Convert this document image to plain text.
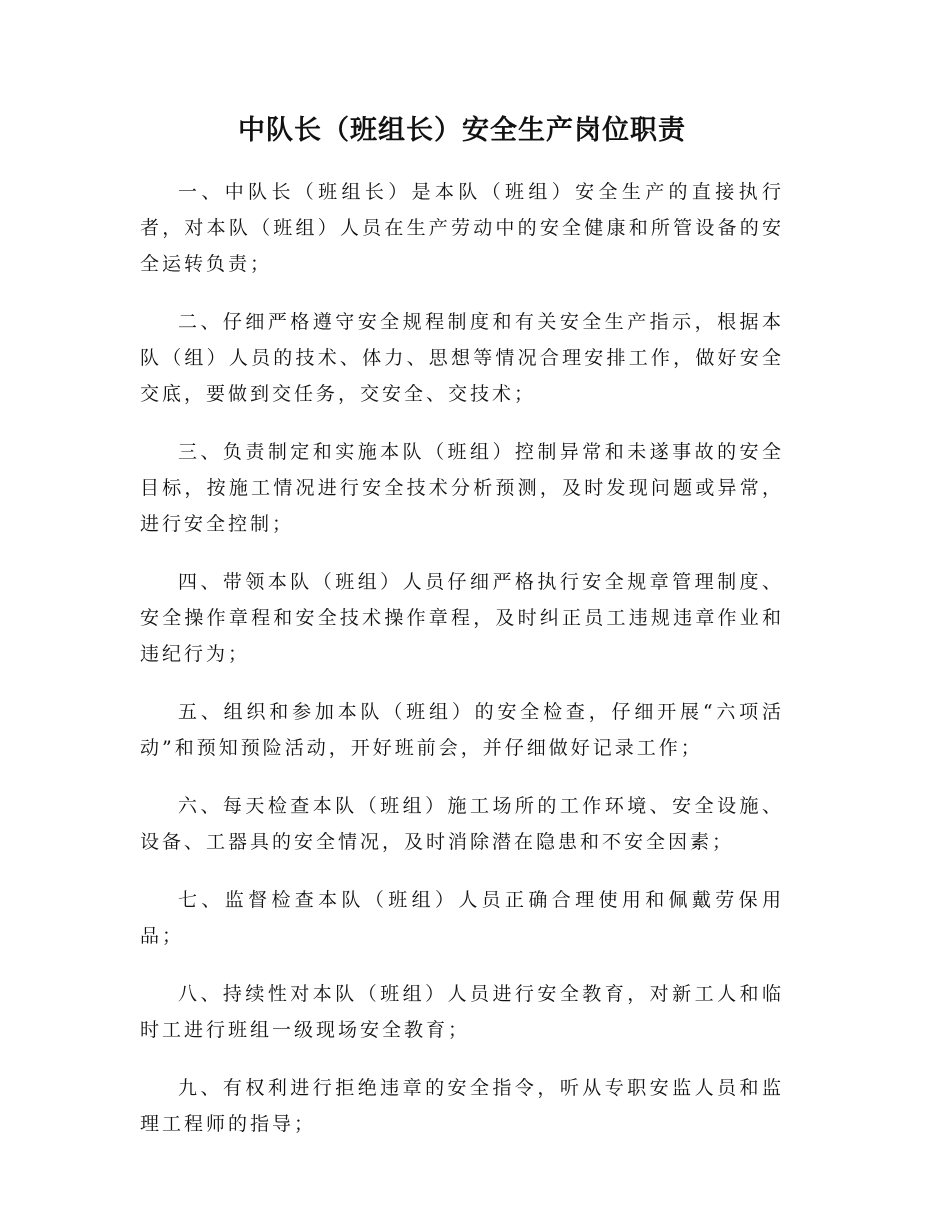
中队长（班组长）安全生产岗位职责

一、中队长（班组长）是本队（班组）安全生产的直接执行者，对本队（班组）人员在生产劳动中的安全健康和所管设备的安全运转负责；

二、仔细严格遵守安全规程制度和有关安全生产指示，根据本队（组）人员的技术、体力、思想等情况合理安排工作，做好安全交底，要做到交任务，交安全、交技术；

三、负责制定和实施本队（班组）控制异常和未遂事故的安全目标，按施工情况进行安全技术分析预测，及时发现问题或异常，进行安全控制；

四、带领本队（班组）人员仔细严格执行安全规章管理制度、安全操作章程和安全技术操作章程，及时纠正员工违规违章作业和违纪行为；

五、组织和参加本队（班组）的安全检查，仔细开展“六项活动”和预知预险活动，开好班前会，并仔细做好记录工作；

六、每天检查本队（班组）施工场所的工作环境、安全设施、设备、工器具的安全情况，及时消除潜在隐患和不安全因素；

七、监督检查本队（班组）人员正确合理使用和佩戴劳保用品；

八、持续性对本队（班组）人员进行安全教育，对新工人和临时工进行班组一级现场安全教育；

九、有权利进行拒绝违章的安全指令，听从专职安监人员和监理工程师的指导；
